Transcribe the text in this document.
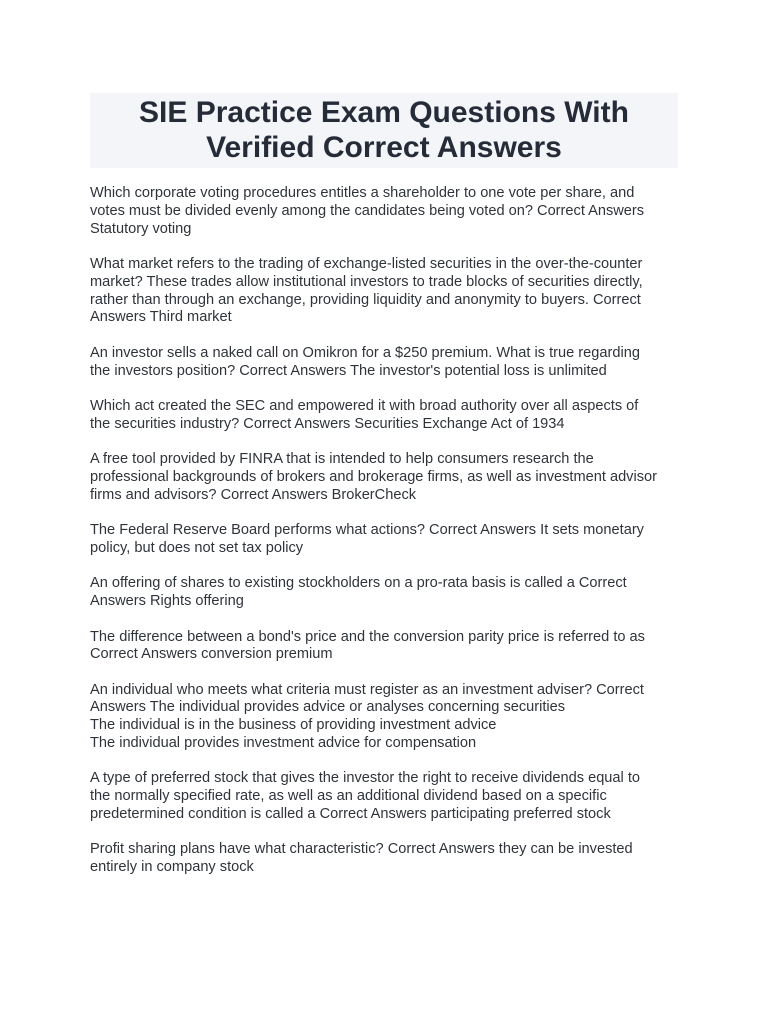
SIE Practice Exam Questions With
Verified Correct Answers

Which corporate voting procedures entitles a shareholder to one vote per share, and
votes must be divided evenly among the candidates being voted on? Correct Answers
Statutory voting

What market refers to the trading of exchange-listed securities in the over-the-counter
market? These trades allow institutional investors to trade blocks of securities directly,
rather than through an exchange, providing liquidity and anonymity to buyers. Correct
Answers Third market

An investor sells a naked call on Omikron for a $250 premium. What is true regarding
the investors position? Correct Answers The investor's potential loss is unlimited

Which act created the SEC and empowered it with broad authority over all aspects of
the securities industry? Correct Answers Securities Exchange Act of 1934

A free tool provided by FINRA that is intended to help consumers research the
professional backgrounds of brokers and brokerage firms, as well as investment advisor
firms and advisors? Correct Answers BrokerCheck

The Federal Reserve Board performs what actions? Correct Answers It sets monetary
policy, but does not set tax policy

An offering of shares to existing stockholders on a pro-rata basis is called a Correct
Answers Rights offering

The difference between a bond's price and the conversion parity price is referred to as
Correct Answers conversion premium

An individual who meets what criteria must register as an investment adviser? Correct
Answers The individual provides advice or analyses concerning securities
The individual is in the business of providing investment advice
The individual provides investment advice for compensation

A type of preferred stock that gives the investor the right to receive dividends equal to
the normally specified rate, as well as an additional dividend based on a specific
predetermined condition is called a Correct Answers participating preferred stock

Profit sharing plans have what characteristic? Correct Answers they can be invested
entirely in company stock
